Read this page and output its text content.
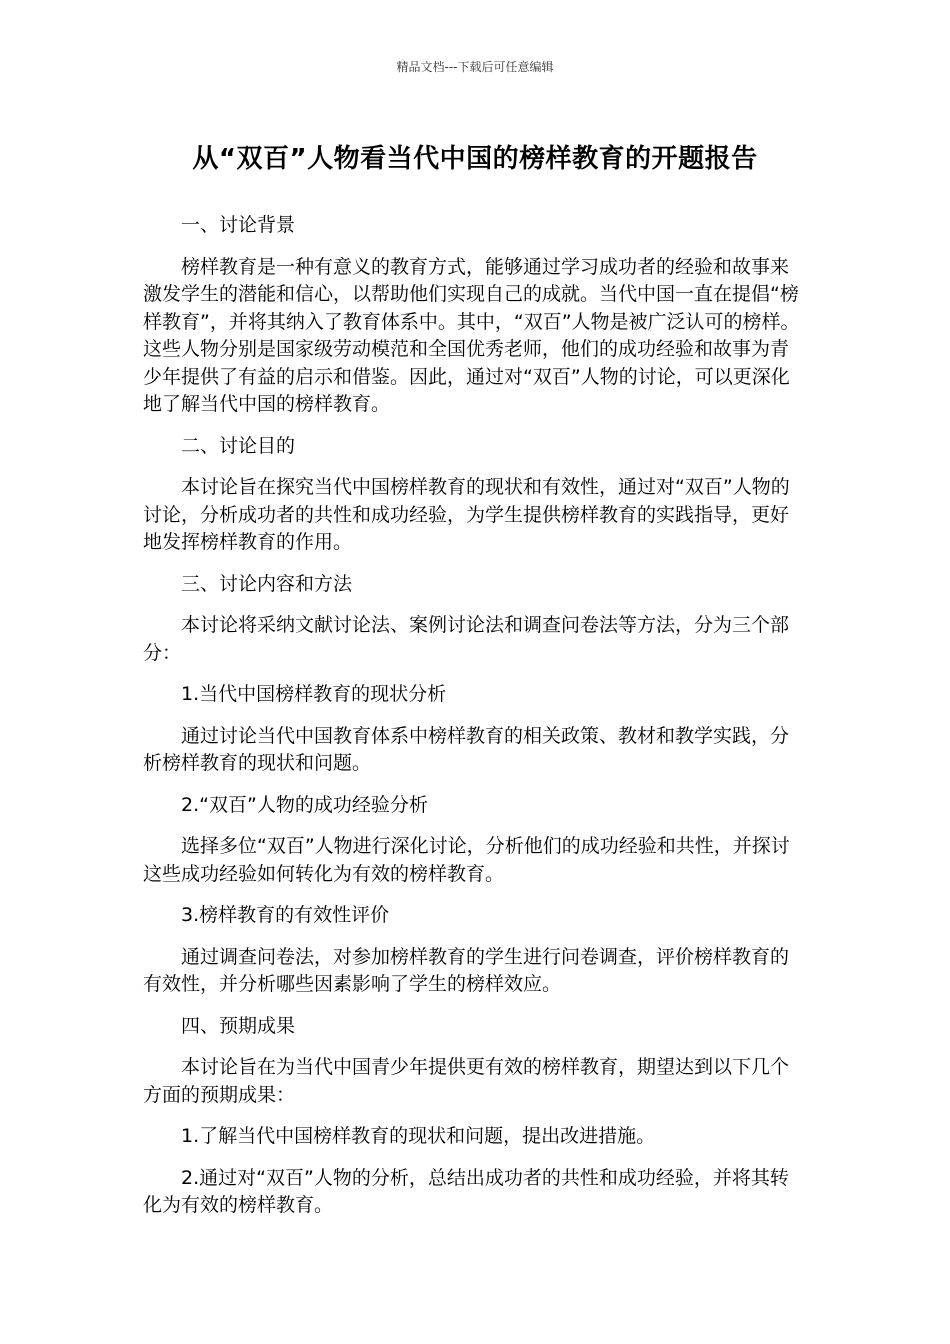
精品文档---下载后可任意编辑
从“双百”人物看当代中国的榜样教育的开题报告

一、讨论背景

榜样教育是一种有意义的教育方式，能够通过学习成功者的经验和故事来激发学生的潜能和信心，以帮助他们实现自己的成就。当代中国一直在提倡“榜样教育”，并将其纳入了教育体系中。其中，“双百”人物是被广泛认可的榜样。这些人物分别是国家级劳动模范和全国优秀老师，他们的成功经验和故事为青少年提供了有益的启示和借鉴。因此，通过对“双百”人物的讨论，可以更深化地了解当代中国的榜样教育。

二、讨论目的

本讨论旨在探究当代中国榜样教育的现状和有效性，通过对“双百”人物的讨论，分析成功者的共性和成功经验，为学生提供榜样教育的实践指导，更好地发挥榜样教育的作用。

三、讨论内容和方法

本讨论将采纳文献讨论法、案例讨论法和调查问卷法等方法，分为三个部分：

1.当代中国榜样教育的现状分析

通过讨论当代中国教育体系中榜样教育的相关政策、教材和教学实践，分析榜样教育的现状和问题。

2.“双百”人物的成功经验分析

选择多位“双百”人物进行深化讨论，分析他们的成功经验和共性，并探讨这些成功经验如何转化为有效的榜样教育。

3.榜样教育的有效性评价

通过调查问卷法，对参加榜样教育的学生进行问卷调查，评价榜样教育的有效性，并分析哪些因素影响了学生的榜样效应。

四、预期成果

本讨论旨在为当代中国青少年提供更有效的榜样教育，期望达到以下几个方面的预期成果：

1.了解当代中国榜样教育的现状和问题，提出改进措施。

2.通过对“双百”人物的分析，总结出成功者的共性和成功经验，并将其转化为有效的榜样教育。
